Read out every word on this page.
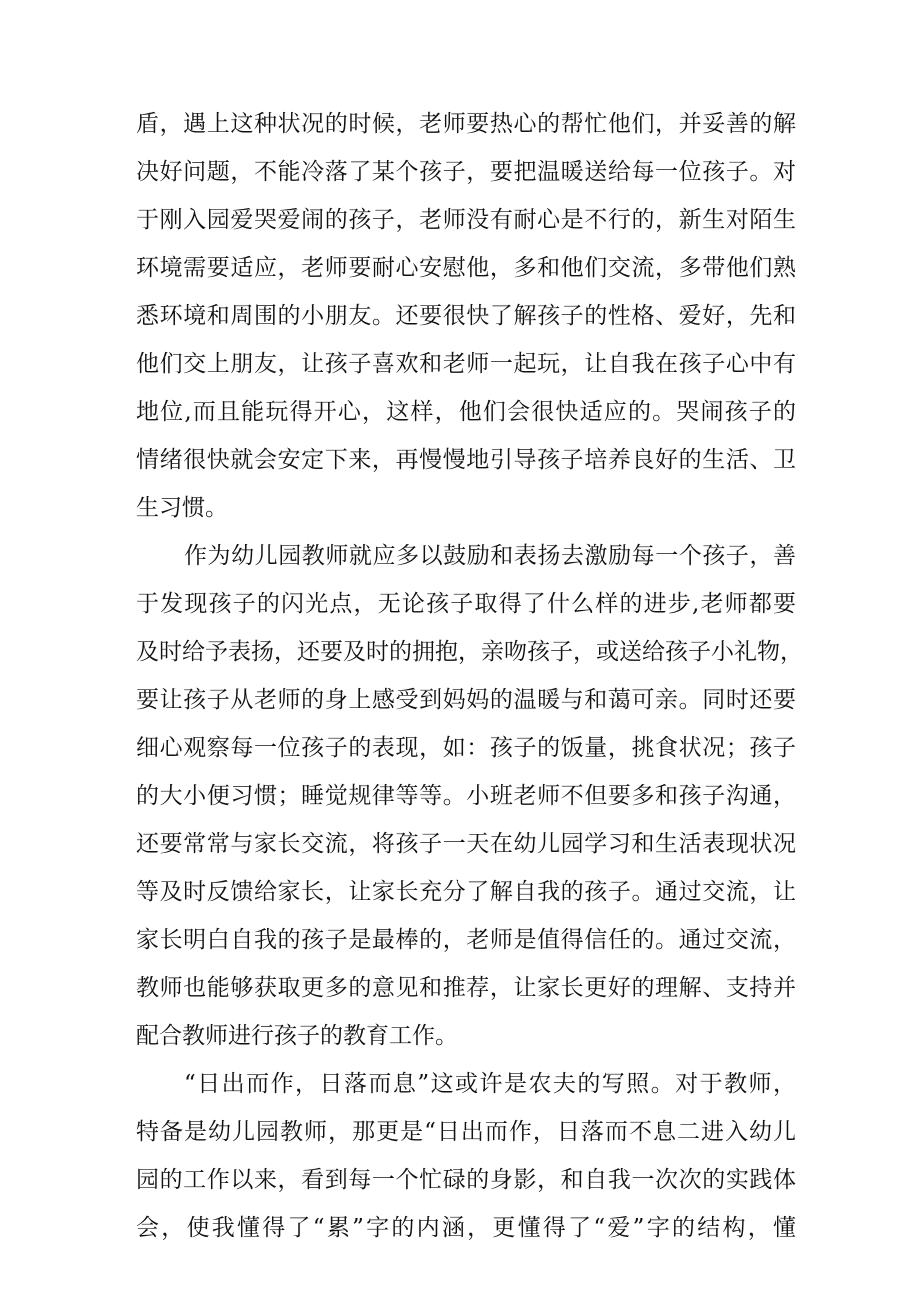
盾，遇上这种状况的时候，老师要热心的帮忙他们，并妥善的解
决好问题，不能冷落了某个孩子，要把温暖送给每一位孩子。对
于刚入园爱哭爱闹的孩子，老师没有耐心是不行的，新生对陌生
环境需要适应，老师要耐心安慰他，多和他们交流，多带他们熟
悉环境和周围的小朋友。还要很快了解孩子的性格、爱好，先和
他们交上朋友，让孩子喜欢和老师一起玩，让自我在孩子心中有
地位,而且能玩得开心，这样，他们会很快适应的。哭闹孩子的
情绪很快就会安定下来，再慢慢地引导孩子培养良好的生活、卫
生习惯。
作为幼儿园教师就应多以鼓励和表扬去激励每一个孩子，善
于发现孩子的闪光点，无论孩子取得了什么样的进步,老师都要
及时给予表扬，还要及时的拥抱，亲吻孩子，或送给孩子小礼物，
要让孩子从老师的身上感受到妈妈的温暖与和蔼可亲。同时还要
细心观察每一位孩子的表现，如：孩子的饭量，挑食状况；孩子
的大小便习惯；睡觉规律等等。小班老师不但要多和孩子沟通，
还要常常与家长交流，将孩子一天在幼儿园学习和生活表现状况
等及时反馈给家长，让家长充分了解自我的孩子。通过交流，让
家长明白自我的孩子是最棒的，老师是值得信任的。通过交流，
教师也能够获取更多的意见和推荐，让家长更好的理解、支持并
配合教师进行孩子的教育工作。
“日出而作，日落而息”这或许是农夫的写照。对于教师，
特备是幼儿园教师，那更是“日出而作，日落而不息二进入幼儿
园的工作以来，看到每一个忙碌的身影，和自我一次次的实践体
会，使我懂得了“累”字的内涵，更懂得了“爱”字的结构，懂
